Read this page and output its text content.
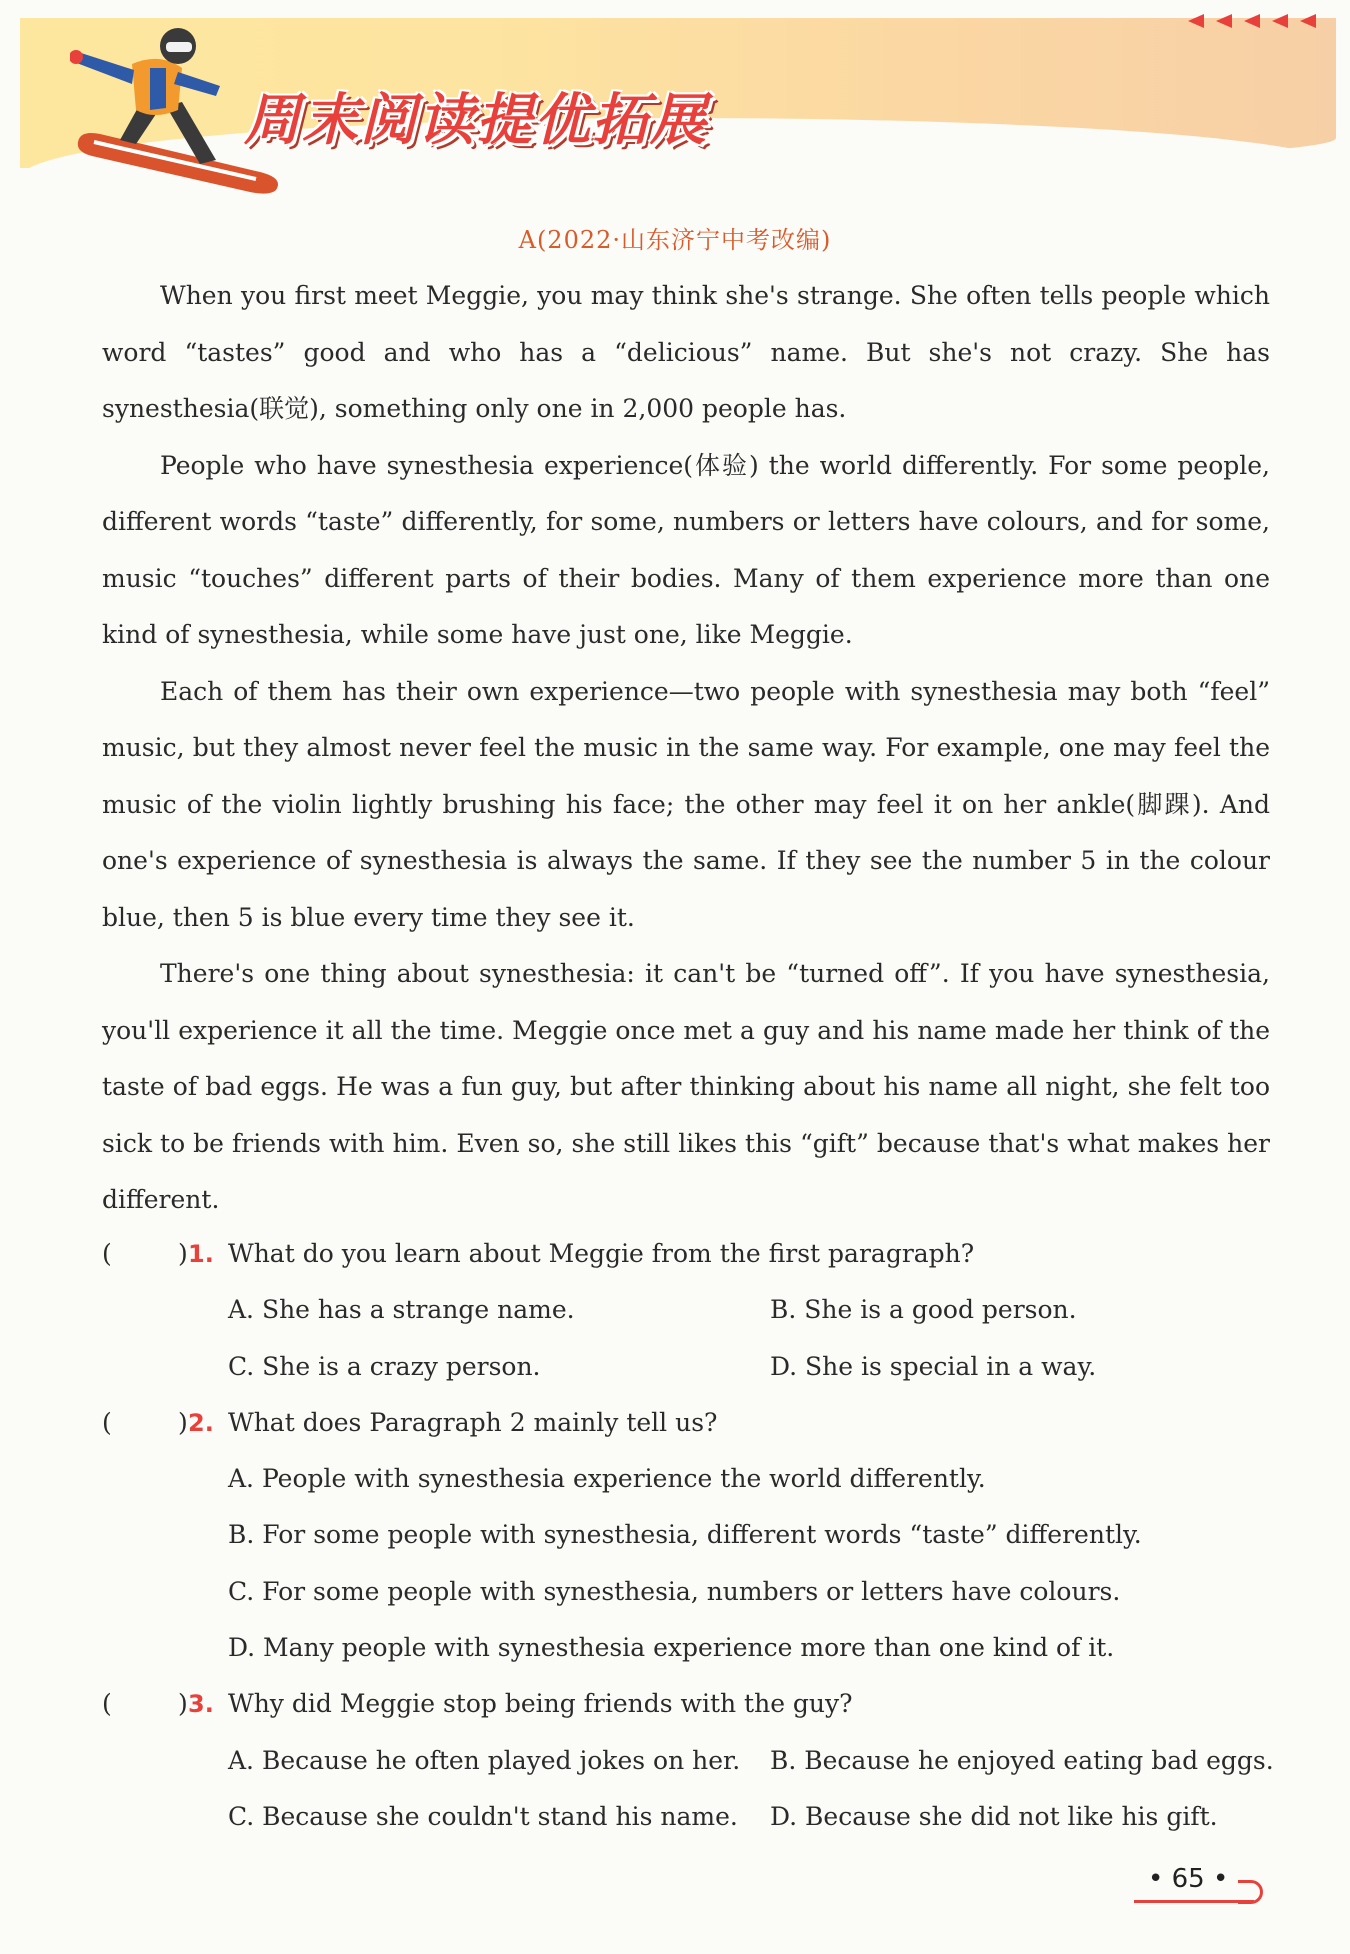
周末阅读提优拓展
A(2022·山东济宁中考改编)

When you first meet Meggie, you may think she's strange. She often tells people which word “tastes” good and who has a “delicious” name. But she's not crazy. She has synesthesia(联觉), something only one in 2,000 people has.

People who have synesthesia experience(体验) the world differently. For some people, different words “taste” differently, for some, numbers or letters have colours, and for some, music “touches” different parts of their bodies. Many of them experience more than one kind of synesthesia, while some have just one, like Meggie.

Each of them has their own experience—two people with synesthesia may both “feel” music, but they almost never feel the music in the same way. For example, one may feel the music of the violin lightly brushing his face; the other may feel it on her ankle(脚踝). And one's experience of synesthesia is always the same. If they see the number 5 in the colour blue, then 5 is blue every time they see it.

There's one thing about synesthesia: it can't be “turned off”. If you have synesthesia, you'll experience it all the time. Meggie once met a guy and his name made her think of the taste of bad eggs. He was a fun guy, but after thinking about his name all night, she felt too sick to be friends with him. Even so, she still likes this “gift” because that's what makes her different.

(	) 1. What do you learn about Meggie from the first paragraph?
A. She has a strange name.	B. She is a good person.
C. She is a crazy person.	D. She is special in a way.
(	) 2. What does Paragraph 2 mainly tell us?
A. People with synesthesia experience the world differently.
B. For some people with synesthesia, different words “taste” differently.
C. For some people with synesthesia, numbers or letters have colours.
D. Many people with synesthesia experience more than one kind of it.
(	) 3. Why did Meggie stop being friends with the guy?
A. Because he often played jokes on her. B. Because he enjoyed eating bad eggs.
C. Because she couldn't stand his name. D. Because she did not like his gift.
• 65 •
